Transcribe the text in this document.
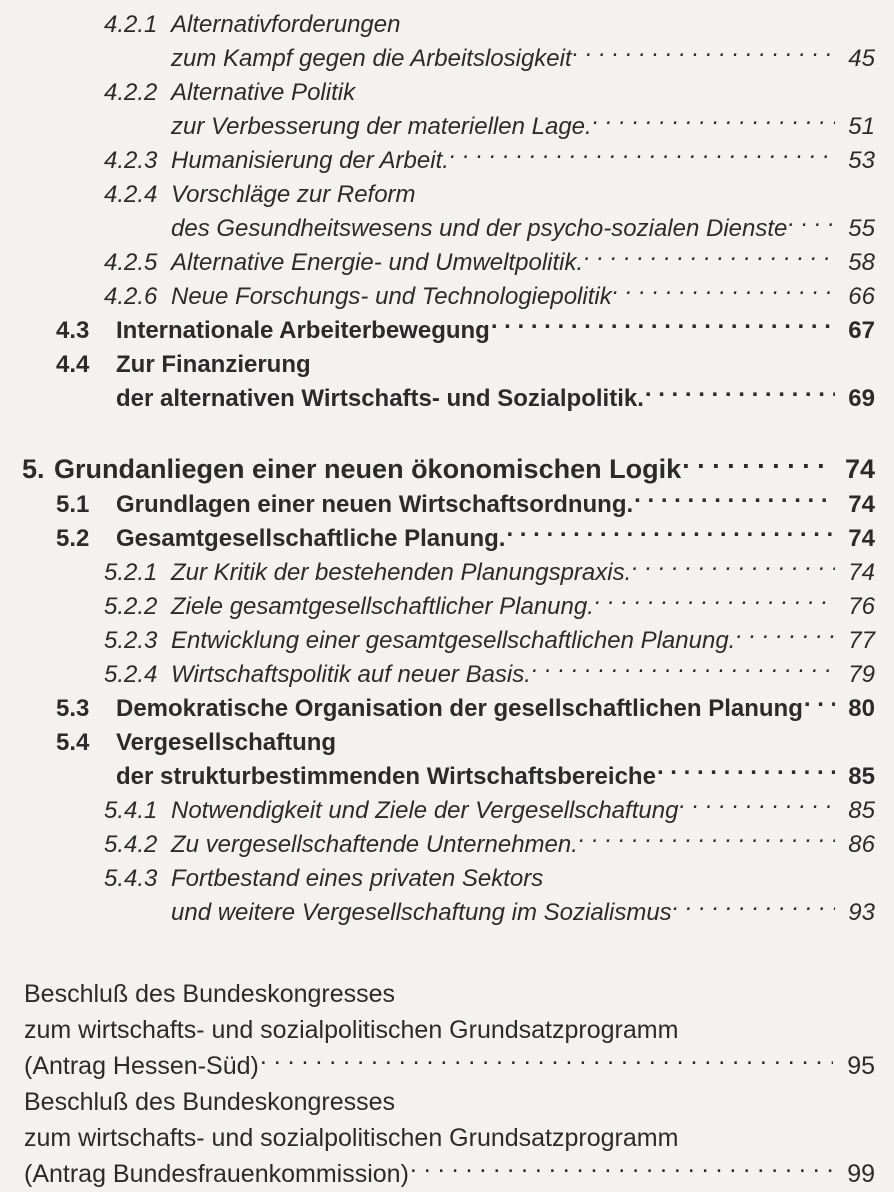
4.2.1 Alternativforderungen
zum Kampf gegen die Arbeitslosigkeit . . .	45
4.2.2 Alternative Politik
zur Verbesserung der materiellen Lage. . . .	51
4.2.3 Humanisierung der Arbeit. . . .	53
4.2.4 Vorschläge zur Reform
des Gesundheitswesens und der psycho-sozialen Dienste . . .	55
4.2.5 Alternative Energie- und Umweltpolitik. . . .	58
4.2.6 Neue Forschungs- und Technologiepolitik . . .	66
4.3	Internationale Arbeiterbewegung . . .	67
4.4	Zur Finanzierung
der alternativen Wirtschafts- und Sozialpolitik. . . .	69
5. Grundanliegen einer neuen ökonomischen Logik . . .	74
5.1	Grundlagen einer neuen Wirtschaftsordnung. . . .	74
5.2	Gesamtgesellschaftliche Planung. . . .	74
5.2.1 Zur Kritik der bestehenden Planungspraxis. . . .	74
5.2.2 Ziele gesamtgesellschaftlicher Planung. . . .	76
5.2.3 Entwicklung einer gesamtgesellschaftlichen Planung. . . .	77
5.2.4 Wirtschaftspolitik auf neuer Basis. . . .	79
5.3	Demokratische Organisation der gesellschaftlichen Planung . . .	80
5.4	Vergesellschaftung
der strukturbestimmenden Wirtschaftsbereiche . . .	85
5.4.1 Notwendigkeit und Ziele der Vergesellschaftung . . .	85
5.4.2 Zu vergesellschaftende Unternehmen. . . .	86
5.4.3 Fortbestand eines privaten Sektors
und weitere Vergesellschaftung im Sozialismus . . .	93
Beschluß des Bundeskongresses
zum wirtschafts- und sozialpolitischen Grundsatzprogramm
(Antrag Hessen-Süd) . . .	95
Beschluß des Bundeskongresses
zum wirtschafts- und sozialpolitischen Grundsatzprogramm
(Antrag Bundesfrauenkommission) . . .	99
